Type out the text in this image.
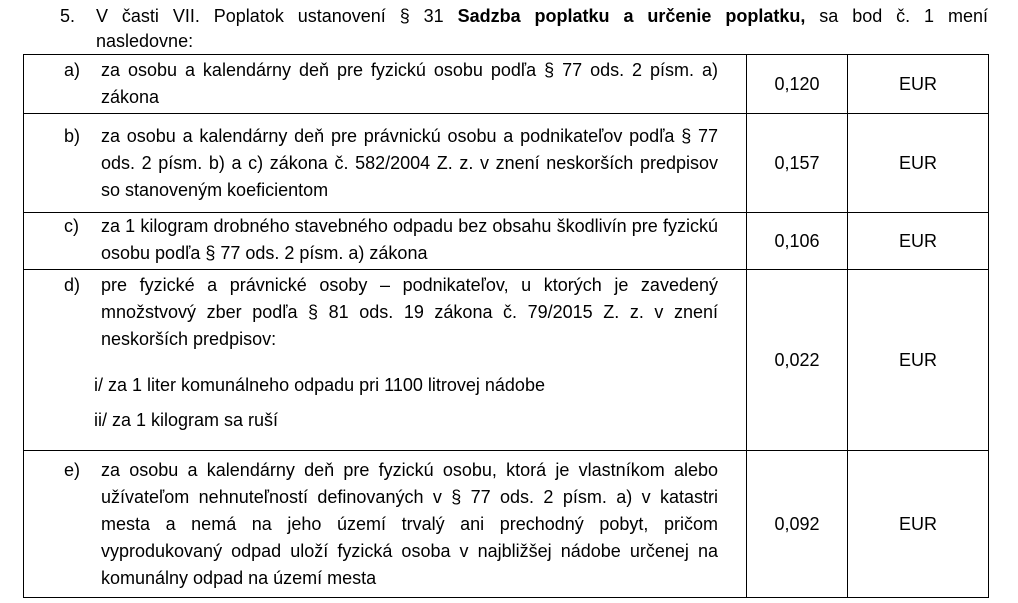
5. V časti VII. Poplatok ustanovení § 31 Sadzba poplatku a určenie poplatku, sa bod č. 1 mení
nasledovne:
a) za osobu a kalendárny deň pre fyzickú osobu podľa § 77 ods. 2 písm. a) zákona	0,120	EUR

b) za osobu a kalendárny deň pre právnickú osobu a podnikateľov podľa § 77 ods. 2 písm. b) a c) zákona č. 582/2004 Z. z. v znení neskorších predpisov so stanoveným koeficientom	0,157	EUR

c) za 1 kilogram drobného stavebného odpadu bez obsahu škodlivín pre fyzickú osobu podľa § 77 ods. 2 písm. a) zákona	0,106	EUR

d) pre fyzické a právnické osoby – podnikateľov, u ktorých je zavedený množstvový zber podľa § 81 ods. 19 zákona č. 79/2015 Z. z. v znení neskorších predpisov:
i/ za 1 liter komunálneho odpadu pri 1100 litrovej nádobe
ii/ za 1 kilogram sa ruší	0,022	EUR

e) za osobu a kalendárny deň pre fyzickú osobu, ktorá je vlastníkom alebo užívateľom nehnuteľností definovaných v § 77 ods. 2 písm. a) v katastri mesta a nemá na jeho území trvalý ani prechodný pobyt, pričom vyprodukovaný odpad uloží fyzická osoba v najbližšej nádobe určenej na komunálny odpad na území mesta	0,092	EUR
